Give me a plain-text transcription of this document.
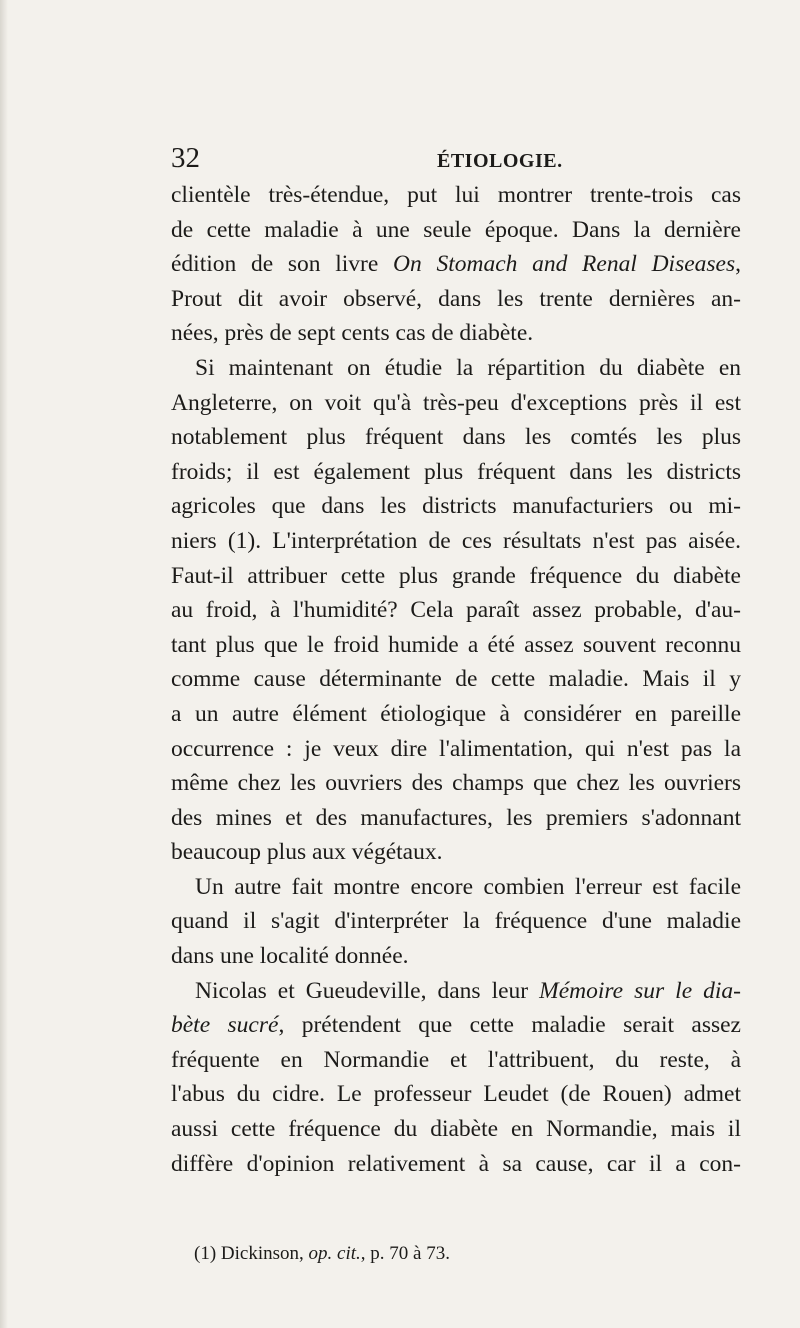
32	ÉTIOLOGIE.

clientèle très-étendue, put lui montrer trente-trois cas
de cette maladie à une seule époque. Dans la dernière
édition de son livre On Stomach and Renal Diseases,
Prout dit avoir observé, dans les trente dernières an-
nées, près de sept cents cas de diabète.

Si maintenant on étudie la répartition du diabète en
Angleterre, on voit qu'à très-peu d'exceptions près il est
notablement plus fréquent dans les comtés les plus
froids; il est également plus fréquent dans les districts
agricoles que dans les districts manufacturiers ou mi-
niers (1). L'interprétation de ces résultats n'est pas aisée.
Faut-il attribuer cette plus grande fréquence du diabète
au froid, à l'humidité? Cela paraît assez probable, d'au-
tant plus que le froid humide a été assez souvent reconnu
comme cause déterminante de cette maladie. Mais il y
a un autre élément étiologique à considérer en pareille
occurrence : je veux dire l'alimentation, qui n'est pas la
même chez les ouvriers des champs que chez les ouvriers
des mines et des manufactures, les premiers s'adonnant
beaucoup plus aux végétaux.

Un autre fait montre encore combien l'erreur est facile
quand il s'agit d'interpréter la fréquence d'une maladie
dans une localité donnée.

Nicolas et Gueudeville, dans leur Mémoire sur le dia-
bète sucré, prétendent que cette maladie serait assez
fréquente en Normandie et l'attribuent, du reste, à
l'abus du cidre. Le professeur Leudet (de Rouen) admet
aussi cette fréquence du diabète en Normandie, mais il
diffère d'opinion relativement à sa cause, car il a con-

(1) Dickinson, op. cit., p. 70 à 73.
